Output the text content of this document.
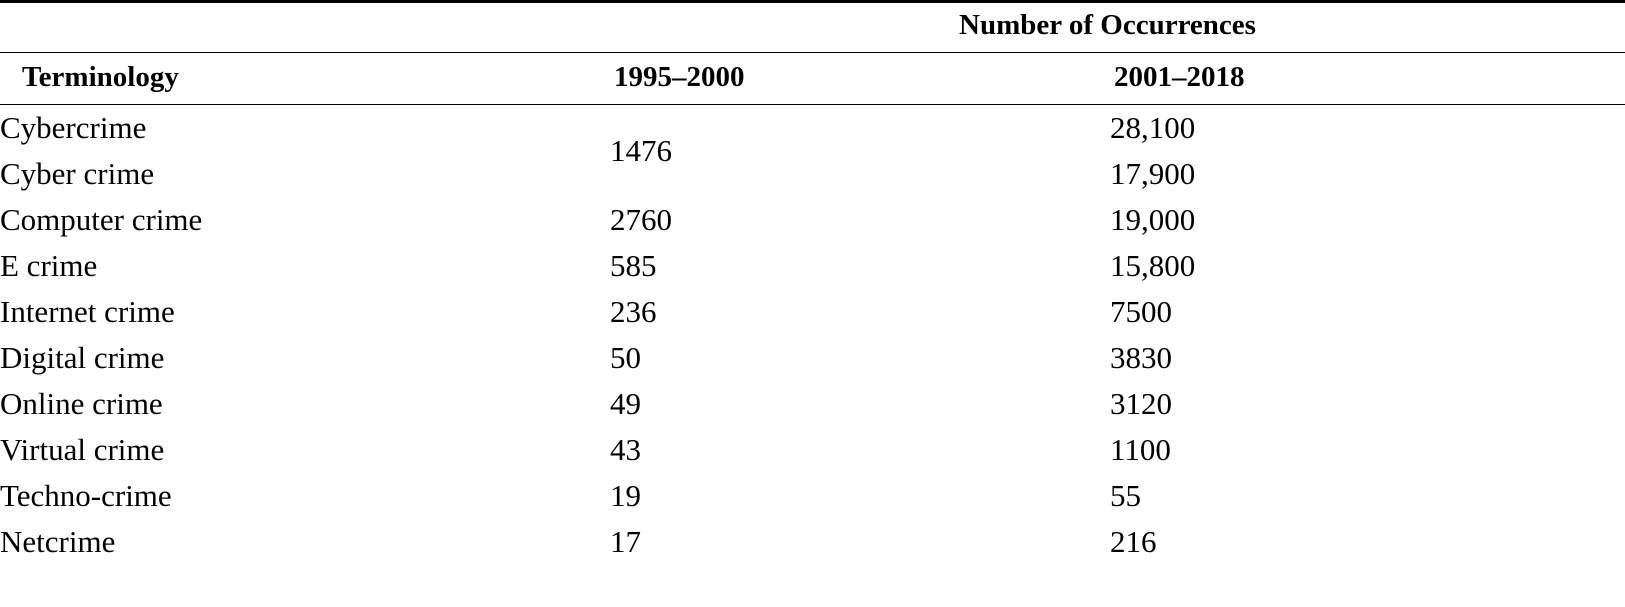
	Number of Occurrences	

Terminology	1995–2000	2001–2018

Cybercrime	1476	28,100
Cyber crime		17,900
Computer crime	2760	19,000
E crime	585	15,800
Internet crime	236	7500
Digital crime	50	3830
Online crime	49	3120
Virtual crime	43	1100
Techno-crime	19	55
Netcrime	17	216
